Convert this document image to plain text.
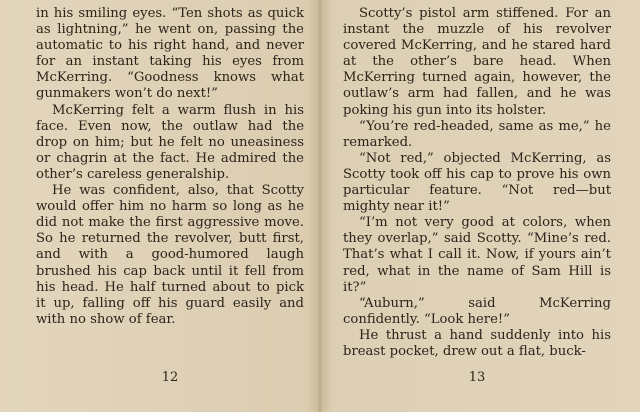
in his smiling eyes. “Ten shots as quick as lightning,” he went on, passing the automatic to his right hand, and never for an instant taking his eyes from McKerring. “Goodness knows what gunmakers won’t do next!”

McKerring felt a warm flush in his face. Even now, the outlaw had the drop on him; but he felt no uneasiness or chagrin at the fact. He admired the other’s careless generalship.

He was confident, also, that Scotty would offer him no harm so long as he did not make the first aggressive move. So he returned the revolver, butt first, and with a good-humored laugh brushed his cap back until it fell from his head. He half turned about to pick it up, falling off his guard easily and with no show of fear.

12

Scotty’s pistol arm stiffened. For an instant the muzzle of his revolver covered McKerring, and he stared hard at the other’s bare head. When McKerring turned again, however, the outlaw’s arm had fallen, and he was poking his gun into its holster.

“You’re red-headed, same as me,” he remarked.

“Not red,” objected McKerring, as Scotty took off his cap to prove his own particular feature. “Not red—but mighty near it!”

“I’m not very good at colors, when they overlap,” said Scotty. “Mine’s red. That’s what I call it. Now, if yours ain’t red, what in the name of Sam Hill is it?”

“Auburn,” said McKerring confidently. “Look here!”

He thrust a hand suddenly into his breast pocket, drew out a flat, buck-

13
